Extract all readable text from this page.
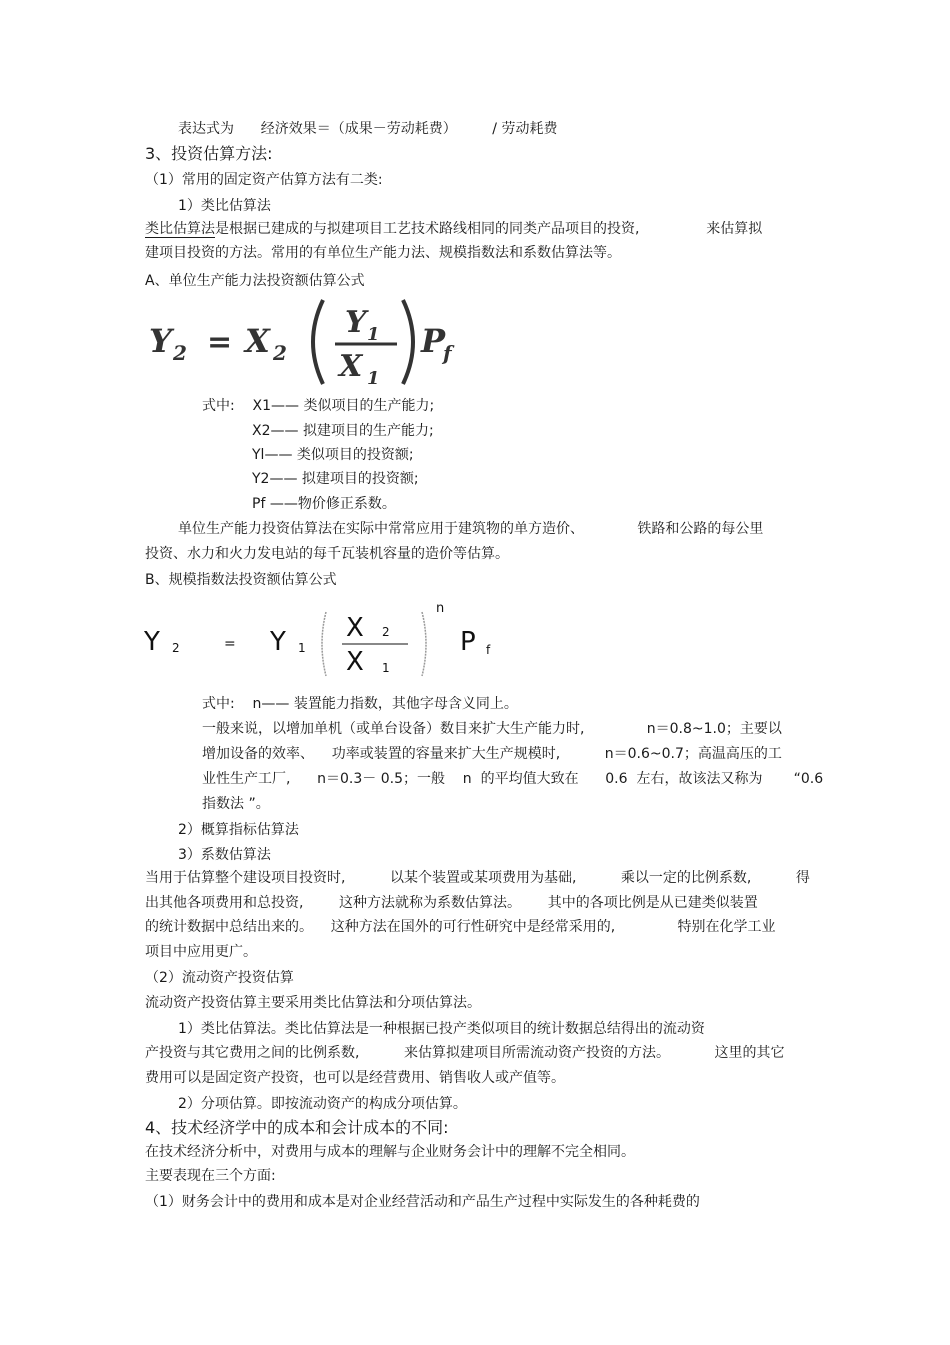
表达式为      经济效果＝（成果－劳动耗费）        / 劳动耗费
3、投资估算方法:
（1）常用的固定资产估算方法有二类:
1）类比估算法
类比估算法是根据已建成的与拟建项目工艺技术路线相同的同类产品项目的投资,               来估算拟
建项目投资的方法。常用的有单位生产能力法、规模指数法和系数估算法等。
A、单位生产能力法投资额估算公式
Y 2 = X 2
Y 1
X 1
P
f
式中:    X1—— 类似项目的生产能力;
X2—— 拟建项目的生产能力;
Yl—— 类似项目的投资额;
Y2—— 拟建项目的投资额;
Pf ——物价修正系数。
单位生产能力投资估算法在实际中常常应用于建筑物的单方造价、            铁路和公路的每公里
投资、水力和火力发电站的每千瓦装机容量的造价等估算。
B、规模指数法投资额估算公式
Y 2	= Y 1
X 2
X 1
n
P f
式中:    n—— 装置能力指数，其他字母含义同上。
一般来说，以增加单机（或单台设备）数目来扩大生产能力时,              n＝0.8~1.0；主要以
增加设备的效率、    功率或装置的容量来扩大生产规模时,          n＝0.6~0.7；高温高压的工
业性生产工厂,      n＝0.3－ 0.5；一般    n  的平均值大致在      0.6  左右，故该法又称为       “0.6
指数法 ”。
2）概算指标估算法
3）系数估算法
当用于估算整个建设项目投资时,          以某个装置或某项费用为基础,          乘以一定的比例系数,          得
出其他各项费用和总投资,        这种方法就称为系数估算法。      其中的各项比例是从已建类似装置
的统计数据中总结出来的。    这种方法在国外的可行性研究中是经常采用的,              特别在化学工业
项目中应用更广。
（2）流动资产投资估算
流动资产投资估算主要采用类比估算法和分项估算法。
1）类比估算法。类比估算法是一种根据已投产类似项目的统计数据总结得出的流动资
产投资与其它费用之间的比例系数,          来估算拟建项目所需流动资产投资的方法。          这里的其它
费用可以是固定资产投资，也可以是经营费用、销售收人或产值等。
2）分项估算。即按流动资产的构成分项估算。
4、技术经济学中的成本和会计成本的不同:
在技术经济分析中，对费用与成本的理解与企业财务会计中的理解不完全相同。
主要表现在三个方面:
（1）财务会计中的费用和成本是对企业经营活动和产品生产过程中实际发生的各种耗费的
